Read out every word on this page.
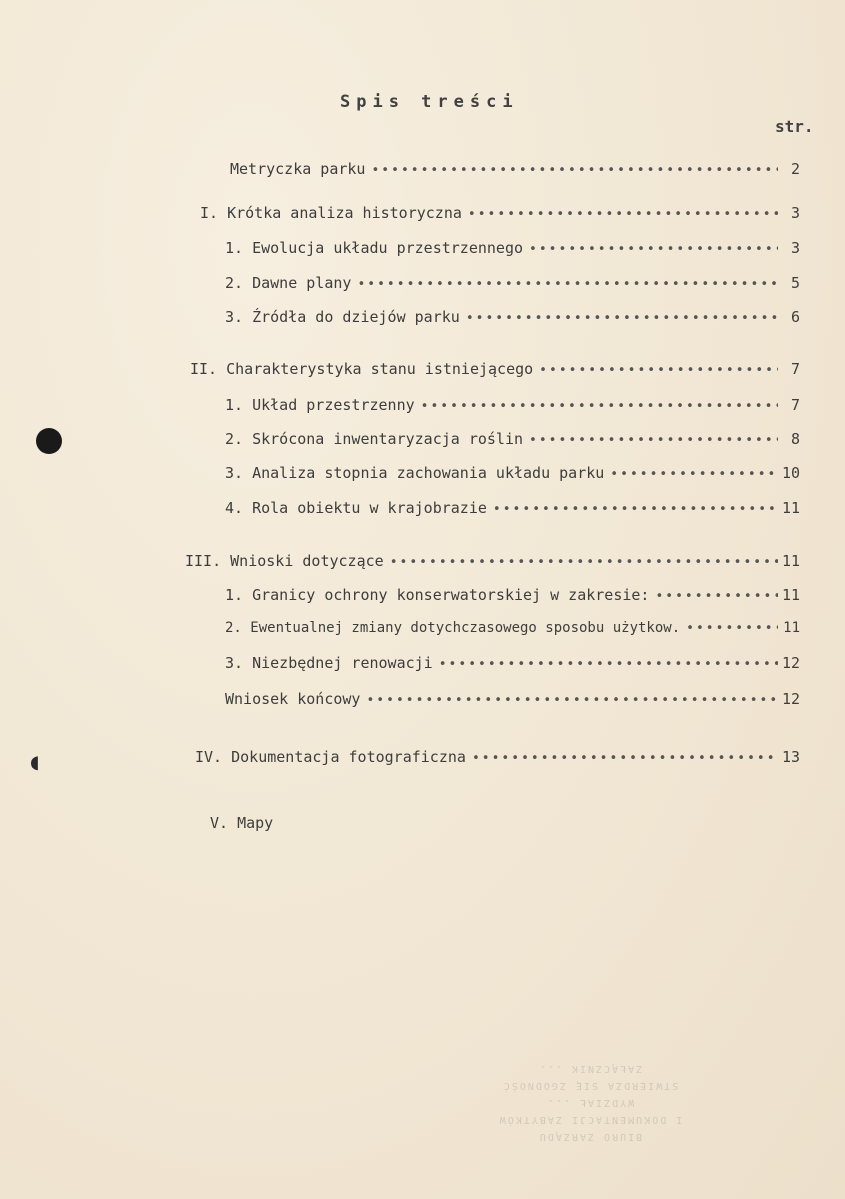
Spis treści
str.
Metryczka parku •••••	2
I. Krótka analiza historyczna •••••	3
1. Ewolucja układu przestrzennego •••••	3
2. Dawne plany •••••	5
3. Źródła do dziejów parku •••••	6
II. Charakterystyka stanu istniejącego •••••	7
1. Układ przestrzenny •••••	7
2. Skrócona inwentaryzacja roślin •••••	8
3. Analiza stopnia zachowania układu parku •••••	10
4. Rola obiektu w krajobrazie •••••	11
III. Wnioski dotyczące •••••	11
1. Granicy ochrony konserwatorskiej w zakresie: •••••	11
2. Ewentualnej zmiany dotychczasowego sposobu użytkow. •••••	11
3. Niezbędnej renowacji •••••	12
Wniosek końcowy •••••	12
IV. Dokumentacja fotograficzna •••••	13
V. Mapy
◖
BIURO ZARZĄDU
I DOKUMENTACJI ZABYTKÓW
WYDZIAŁ ...
STWIERDZA SIĘ ZGODNOŚĆ
ZAŁĄCZNIK ...
